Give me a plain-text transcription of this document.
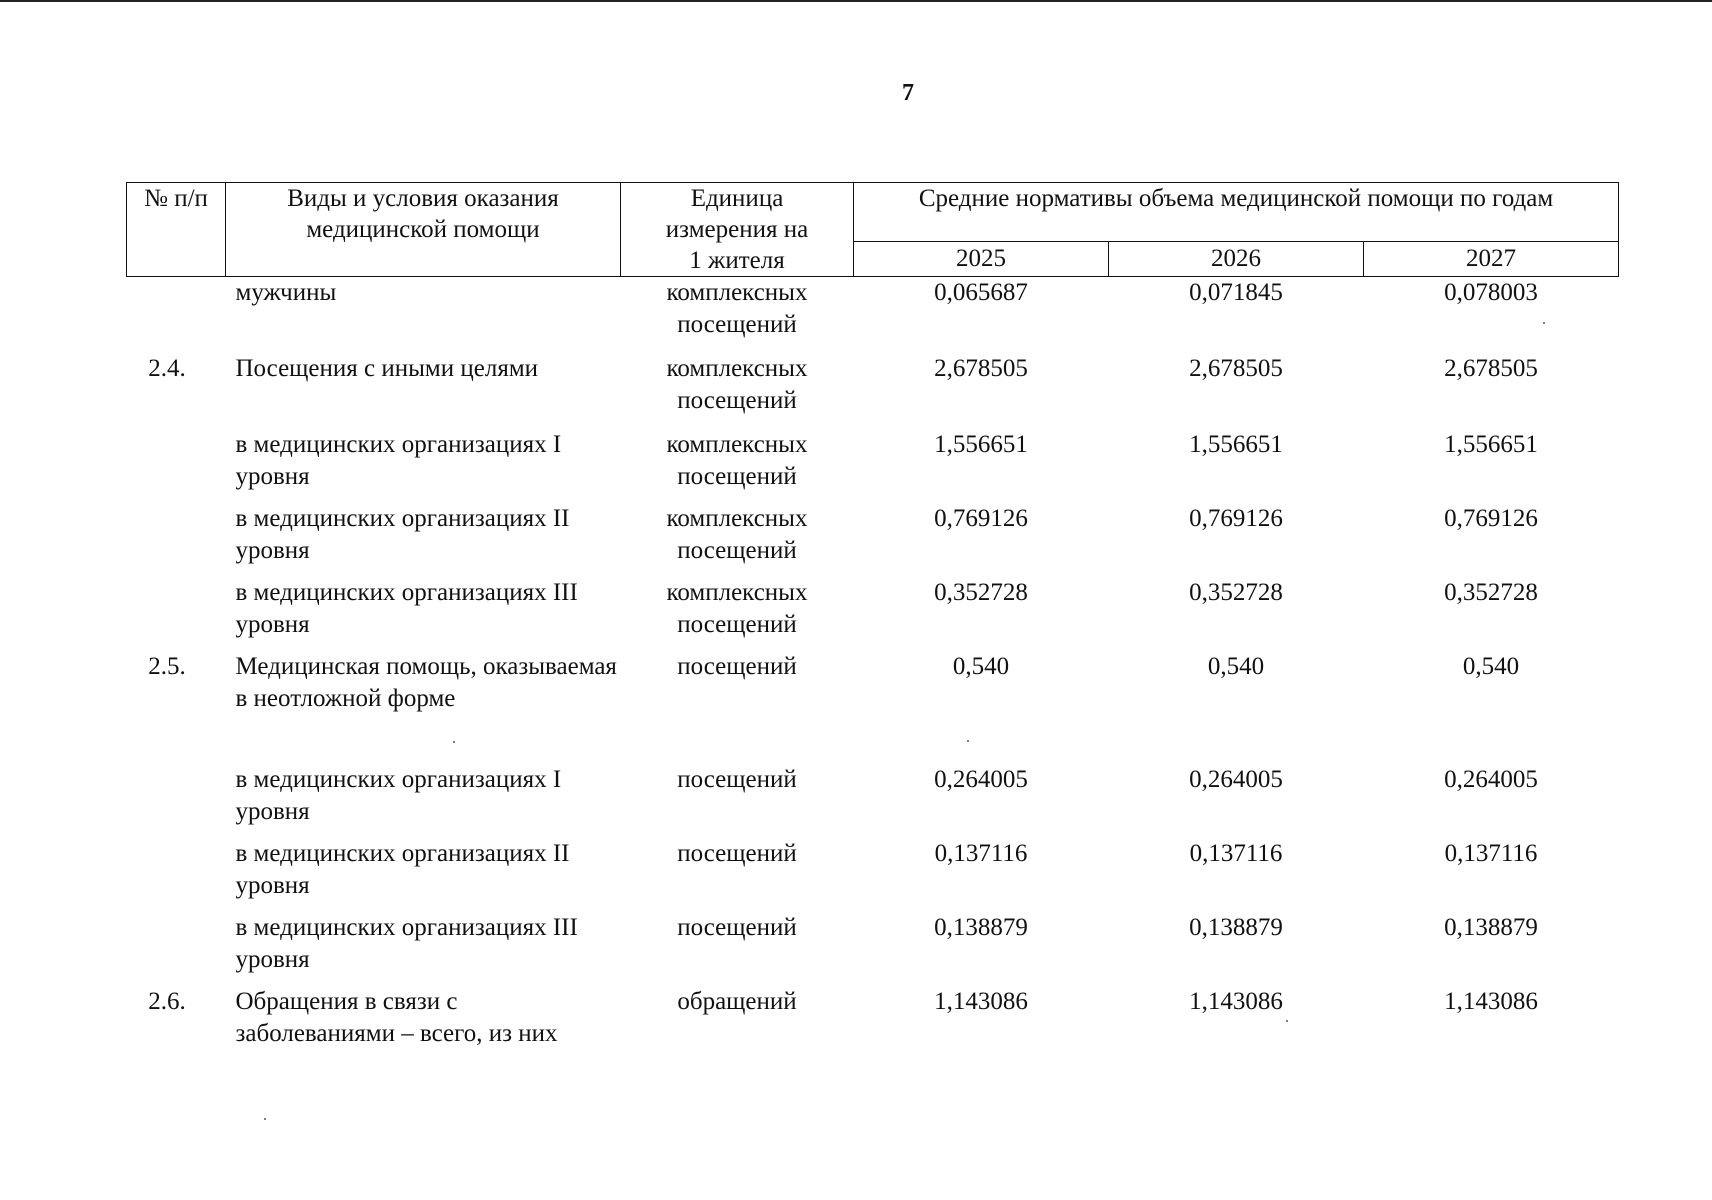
7
№ п/п	Виды и условия оказания медицинской помощи	Единица измерения на 1 жителя	Средние нормативы объема медицинской помощи по годам		
			2025	2026	2027
	мужчины	комплексных посещений	0,065687	0,071845	0,078003
2.4.	Посещения с иными целями	комплексных посещений	2,678505	2,678505	2,678505
	в медицинских организациях I уровня	комплексных посещений	1,556651	1,556651	1,556651
	в медицинских организациях II уровня	комплексных посещений	0,769126	0,769126	0,769126
	в медицинских организациях III уровня	комплексных посещений	0,352728	0,352728	0,352728
2.5.	Медицинская помощь, оказываемая в неотложной форме	посещений	0,540	0,540	0,540
	в медицинских организациях I уровня	посещений	0,264005	0,264005	0,264005
	в медицинских организациях II уровня	посещений	0,137116	0,137116	0,137116
	в медицинских организациях III уровня	посещений	0,138879	0,138879	0,138879
2.6.	Обращения в связи с заболеваниями – всего, из них	обращений	1,143086	1,143086	1,143086
